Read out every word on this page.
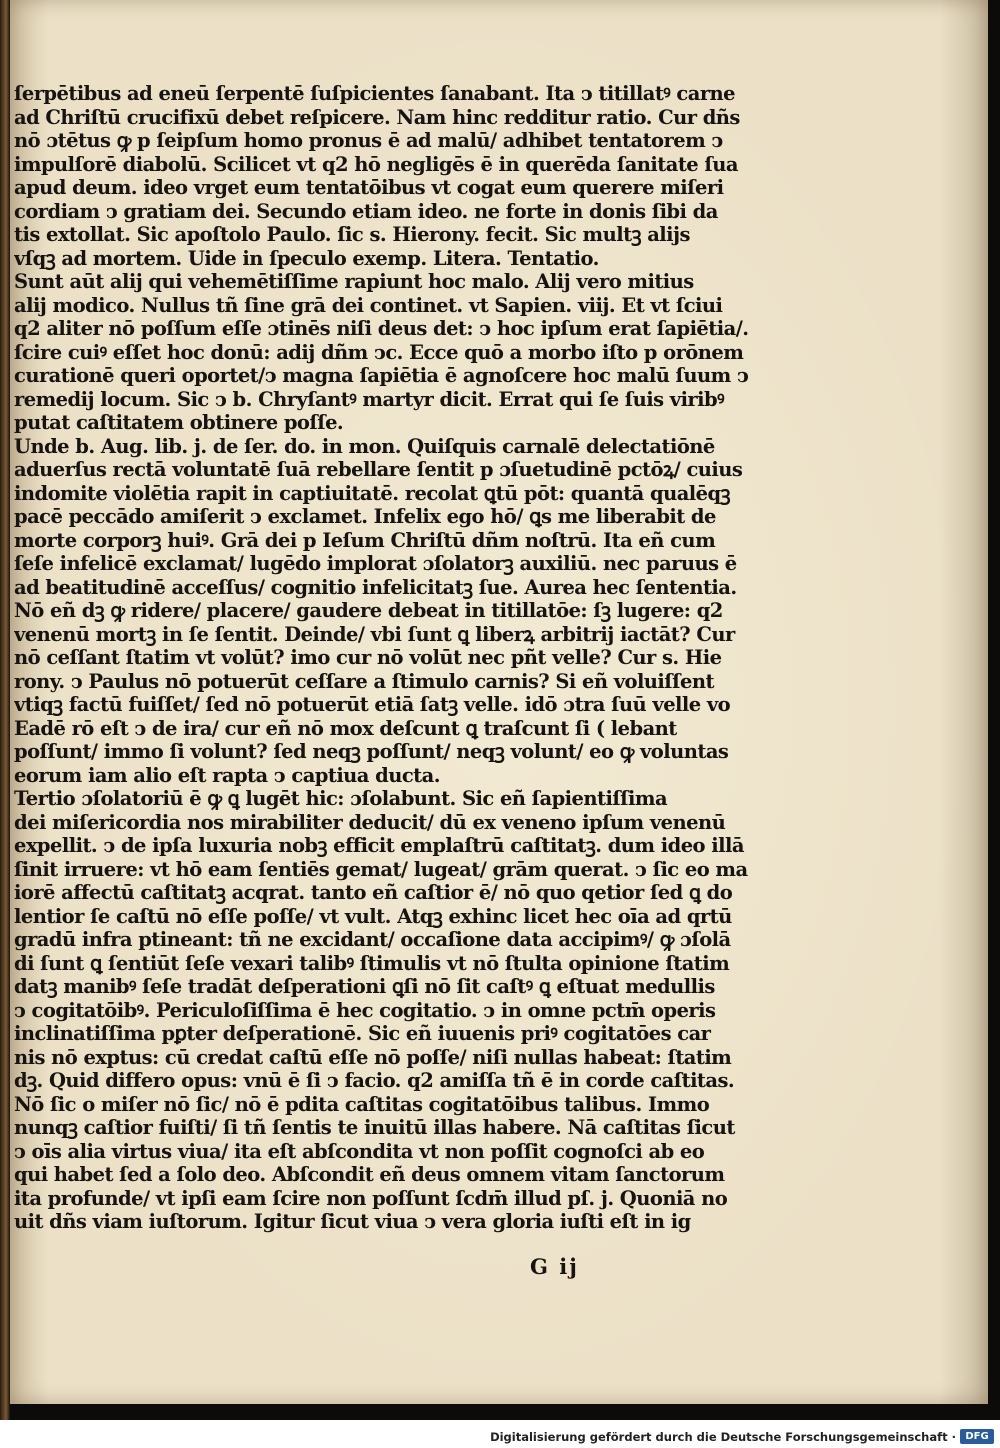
ſerpētibus ad eneū ſerpentē ſuſpicientes ſanabant. Ita ↄ titillatꝰ carne
ad Chriſtū crucifixū debet reſpicere. Nam hinc redditur ratio. Cur dñs
nō ɔtētus ꝙ p ſeipſum homo pronus ē ad malū/ adhibet tentatorem ↄ
impulſorē diabolū. Scilicet vt q2 hō negligēs ē in querēda ſanitate ſua
apud deum. ideo vrget eum tentatōibus vt cogat eum querere miſeri
cordiam ↄ gratiam dei. Secundo etiam ideo. ne forte in donis ſibi da
tis extollat. Sic apoſtolo Paulo. ſic s. Hierony. fecit. Sic multꝫ alijs
vſqꝫ ad mortem. Uide in ſpeculo exemp. Litera. Tentatio.
Sunt aūt alij qui vehemētiſſime rapiunt hoc malo. Alij vero mitius
alij modico. Nullus tñ ſine grā dei continet. vt Sapien. viij. Et vt ſciui
q2 aliter nō poſſum eſſe ɔtinēs niſi deus det: ↄ hoc ipſum erat ſapiētia/.
ſcire cuiꝰ eſſet hoc donū: adij dñm ↄc. Ecce quō a morbo iſto p orōnem
curationē queri oportet/ↄ magna ſapiētia ē agnoſcere hoc malū ſuum ↄ
remedij locum. Sic ↄ b. Chryſantꝰ martyr dicit. Errat qui ſe ſuis viribꝰ
putat caſtitatem obtinere poſſe.
Unde b. Aug. lib. j. de ſer. do. in mon. Quiſquis carnalē delectatiōnē
aduerſus rectā voluntatē ſuā rebellare ſentit p ɔſuetudinē pctōꝝ/ cuius
indomite violētia rapit in captiuitatē. recolat ꝗtū pōt: quantā qualēqꝫ
pacē peccādo amiſerit ↄ exclamet. Infelix ego hō/ ꝗs me liberabit de
morte corporꝫ huiꝰ. Grā dei p Ieſum Chriſtū dñm noſtrū. Ita eñ cum
ſeſe infelicē exclamat/ lugēdo implorat ɔſolatorꝫ auxiliū. nec paruus ē
ad beatitudinē acceſſus/ cognitio infelicitatꝫ ſue. Aurea hec ſententia.
Nō eñ dꝫ ꝙ ridere/ placere/ gaudere debeat in titillatōe: ſꝫ lugere: q2
venenū mortꝫ in ſe ſentit. Deinde/ vbi ſunt ꝗ liberꝝ arbitrij iactāt? Cur
nō ceſſant ſtatim vt volūt? imo cur nō volūt nec pñt velle? Cur s. Hie
rony. ↄ Paulus nō potuerūt ceſſare a ſtimulo carnis? Si eñ voluiſſent
vtiqꝫ factū fuiſſet/ ſed nō potuerūt etiā ſatꝫ velle. idō ɔtra ſuū velle vo
Eadē rō eſt ↄ de ira/ cur eñ nō mox deſcunt ꝗ traſcunt ſi ( lebant
poſſunt/ immo ſi volunt? ſed neqꝫ poſſunt/ neqꝫ volunt/ eo ꝙ voluntas
eorum iam alio eſt rapta ↄ captiua ducta.
Tertio ɔſolatoriū ē ꝙ ꝗ lugēt hic: ɔſolabunt. Sic eñ ſapientiſſima
dei miſericordia nos mirabiliter deducit/ dū ex veneno ipſum venenū
expellit. ↄ de ipſa luxuria nobꝫ efficit emplaſtrū caſtitatꝫ. dum ideo illā
ſinit irruere: vt hō eam ſentiēs gemat/ lugeat/ grām querat. ↄ ſic eo ma
iorē affectū caſtitatꝫ acqrat. tanto eñ caſtior ē/ nō quo qetior ſed ꝗ do
lentior ſe caſtū nō eſſe poſſe/ vt vult. Atqꝫ exhinc licet hec oīa ad qrtū
gradū infra ptineant: tñ ne excidant/ occaſione data accipimꝰ/ ꝙ ɔſolā
di ſunt ꝗ ſentiūt ſeſe vexari talibꝰ ſtimulis vt nō ſtulta opinione ſtatim
datꝫ manibꝰ ſeſe tradāt deſperationi ꝗſi nō ſit caſtꝰ ꝗ eſtuat medullis
ↄ cogitatōibꝰ. Periculoſiſſima ē hec cogitatio. ↄ in omne pctm̄ operis
inclinatiſſima pꝑter deſperationē. Sic eñ iuuenis priꝰ cogitatōes car
nis nō exptus: cū credat caſtū eſſe nō poſſe/ niſi nullas habeat: ſtatim
dꝫ. Quid differo opus: vnū ē ſi ↄ facio. q2 amiſſa tñ ē in corde caſtitas.
Nō ſic o miſer nō ſic/ nō ē pdita caſtitas cogitatōibus talibus. Immo
nunqꝫ caſtior fuiſti/ ſi tñ ſentis te inuitū illas habere. Nā caſtitas ſicut
ↄ oīs alia virtus viua/ ita eſt abſcondita vt non poſſit cognoſci ab eo
qui habet ſed a ſolo deo. Abſcondit eñ deus omnem vitam ſanctorum
ita profunde/ vt ipſi eam ſcire non poſſunt ſcdm̄ illud pſ. j. Quoniā no
uit dñs viam iuſtorum. Igitur ſicut viua ↄ vera gloria iuſti eſt in ig
G ij
Digitalisierung gefördert durch die Deutsche Forschungsgemeinschaft · DFG
